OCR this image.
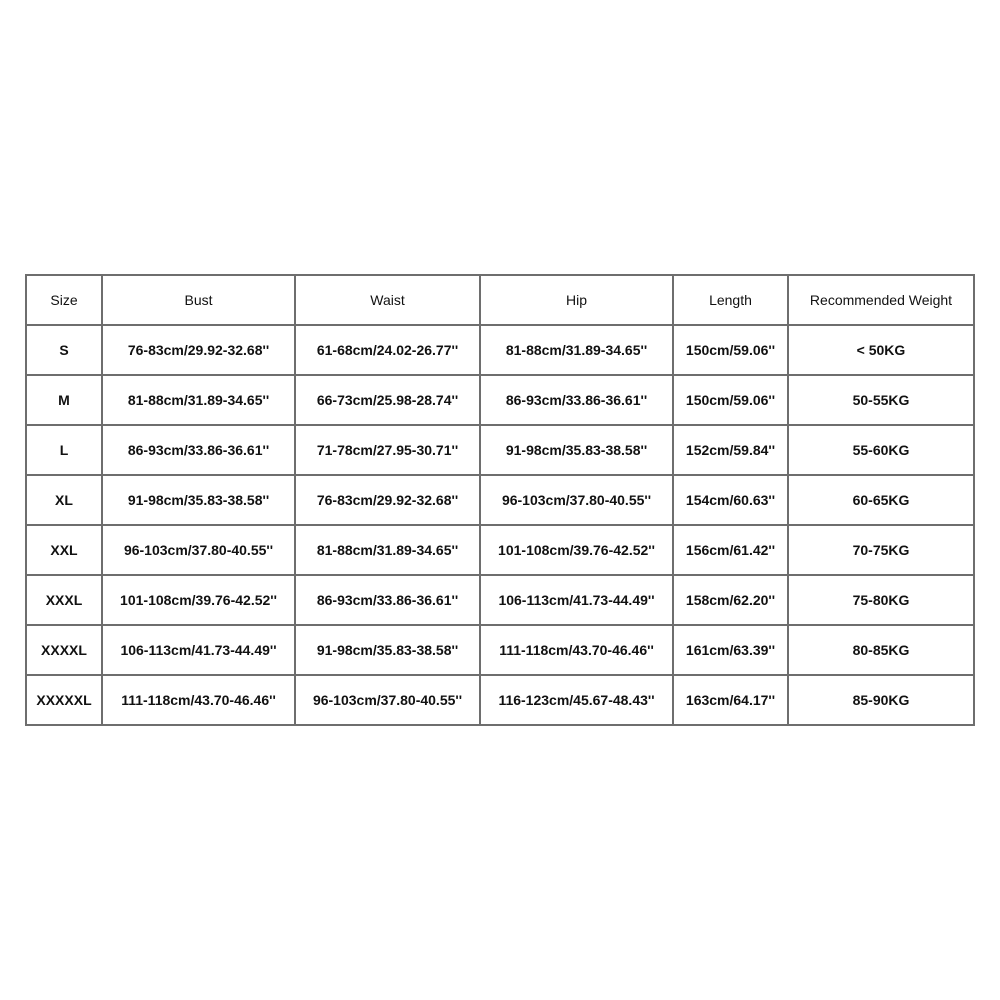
Size	Bust	Waist	Hip	Length	Recommended Weight
S	76-83cm/29.92-32.68''	61-68cm/24.02-26.77''	81-88cm/31.89-34.65''	150cm/59.06''	< 50KG
M	81-88cm/31.89-34.65''	66-73cm/25.98-28.74''	86-93cm/33.86-36.61''	150cm/59.06''	50-55KG
L	86-93cm/33.86-36.61''	71-78cm/27.95-30.71''	91-98cm/35.83-38.58''	152cm/59.84''	55-60KG
XL	91-98cm/35.83-38.58''	76-83cm/29.92-32.68''	96-103cm/37.80-40.55''	154cm/60.63''	60-65KG
XXL	96-103cm/37.80-40.55''	81-88cm/31.89-34.65''	101-108cm/39.76-42.52''	156cm/61.42''	70-75KG
XXXL	101-108cm/39.76-42.52''	86-93cm/33.86-36.61''	106-113cm/41.73-44.49''	158cm/62.20''	75-80KG
XXXXL	106-113cm/41.73-44.49''	91-98cm/35.83-38.58''	111-118cm/43.70-46.46''	161cm/63.39''	80-85KG
XXXXXL	111-118cm/43.70-46.46''	96-103cm/37.80-40.55''	116-123cm/45.67-48.43''	163cm/64.17''	85-90KG
